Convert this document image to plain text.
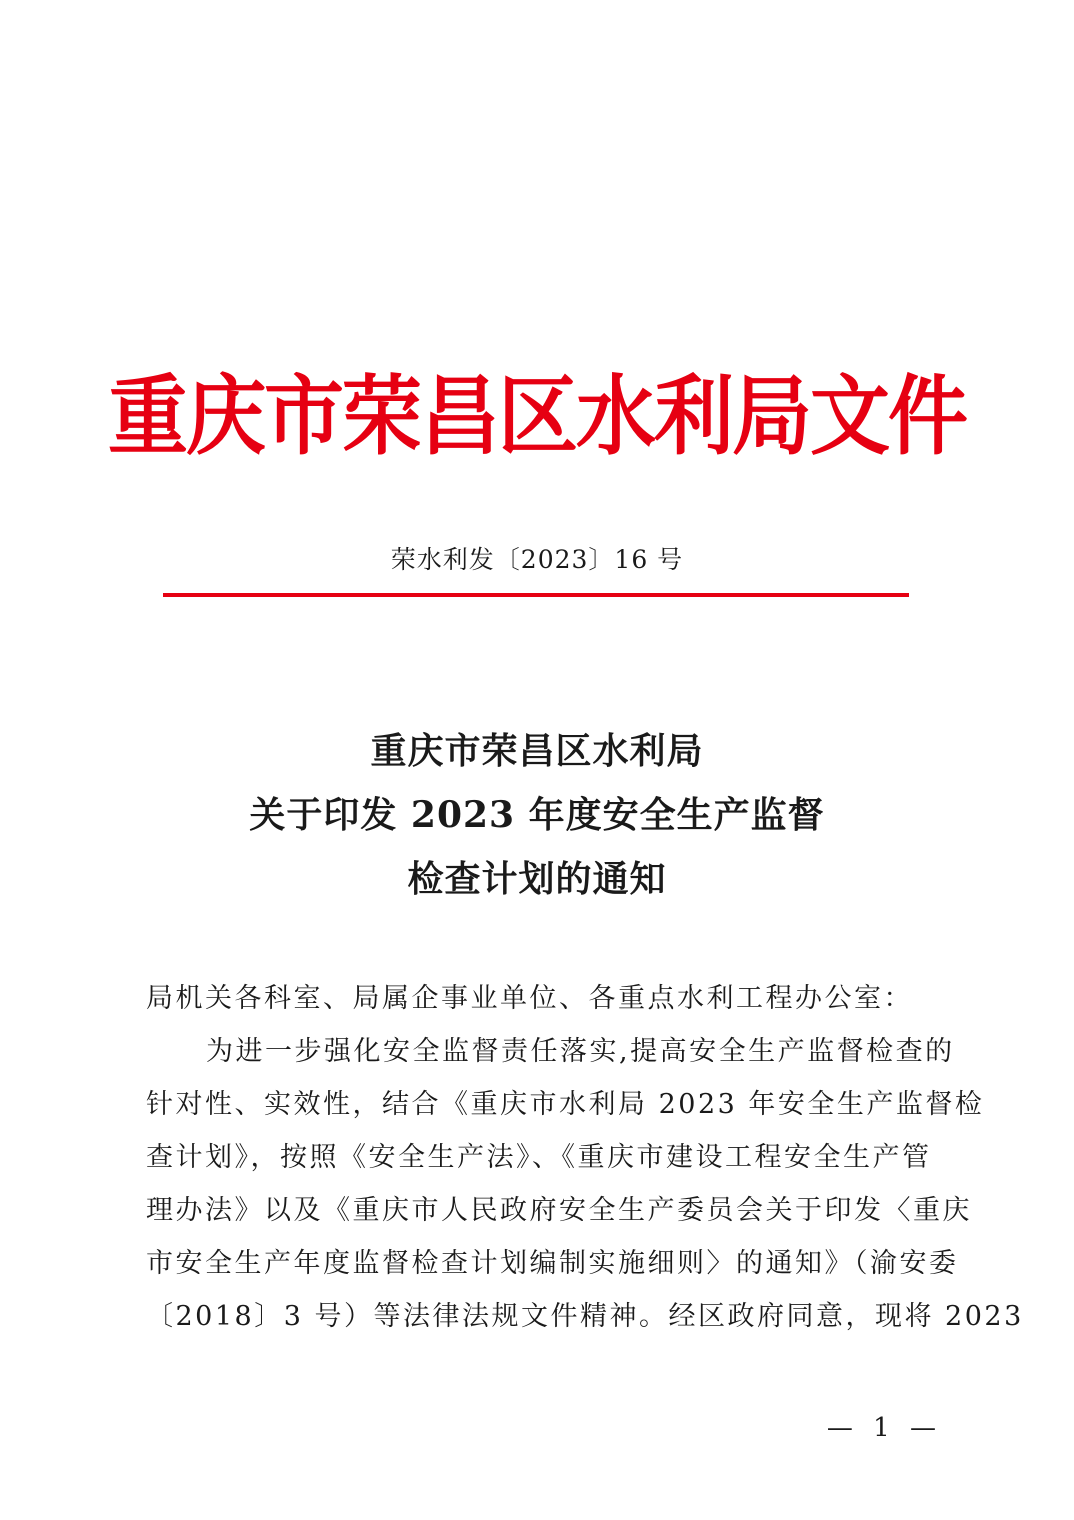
重庆市荣昌区水利局文件
荣水利发〔2023〕16 号
重庆市荣昌区水利局
关于印发 2023 年度安全生产监督
检查计划的通知
局机关各科室、局属企事业单位、各重点水利工程办公室：
为进一步强化安全监督责任落实,提高安全生产监督检查的
针对性、实效性，结合《重庆市水利局 2023 年安全生产监督检
查计划》，按照《安全生产法》、《重庆市建设工程安全生产管
理办法》以及《重庆市人民政府安全生产委员会关于印发〈重庆
市安全生产年度监督检查计划编制实施细则〉的通知》（渝安委
〔2018〕3 号）等法律法规文件精神。经区政府同意，现将 2023
— 1 —
